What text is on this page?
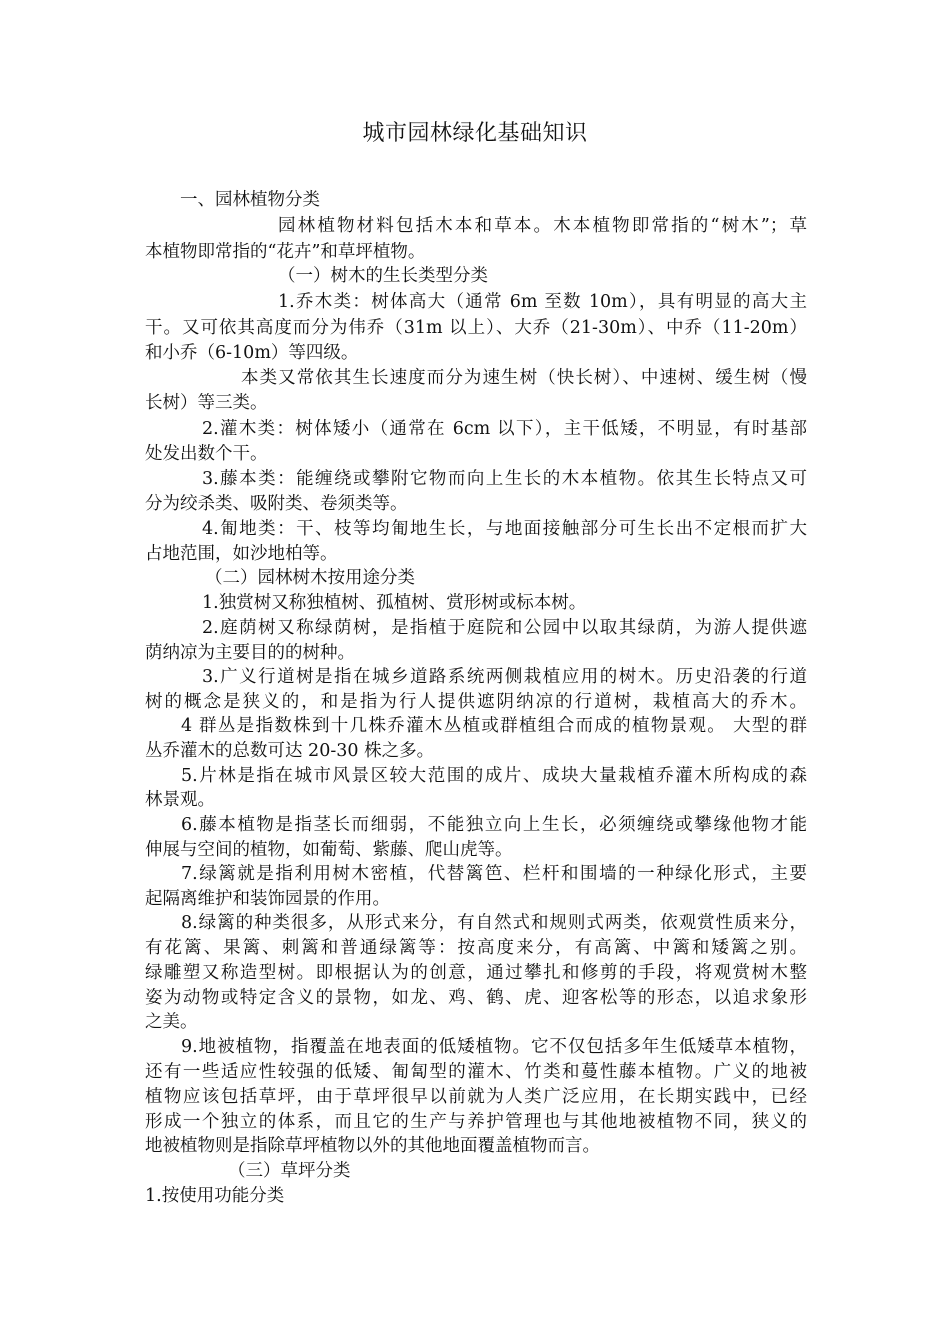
城市园林绿化基础知识
一、园林植物分类
园林植物材料包括木本和草本。木本植物即常指的“树木”；草
本植物即常指的“花卉”和草坪植物。
（一）树木的生长类型分类
1.乔木类：树体高大（通常 6m 至数 10m），具有明显的高大主
干。又可依其高度而分为伟乔（31m 以上）、大乔（21-30m）、中乔（11-20m）
和小乔（6-10m）等四级。
本类又常依其生长速度而分为速生树（快长树）、中速树、缓生树（慢
长树）等三类。
2.灌木类：树体矮小（通常在 6cm 以下），主干低矮，不明显，有时基部
处发出数个干。
3.藤本类：能缠绕或攀附它物而向上生长的木本植物。依其生长特点又可
分为绞杀类、吸附类、卷须类等。
4.匍地类：干、枝等均匍地生长，与地面接触部分可生长出不定根而扩大
占地范围，如沙地柏等。
（二）园林树木按用途分类
1.独赏树又称独植树、孤植树、赏形树或标本树。
2.庭荫树又称绿荫树，是指植于庭院和公园中以取其绿荫，为游人提供遮
荫纳凉为主要目的的树种。
3.广义行道树是指在城乡道路系统两侧栽植应用的树木。历史沿袭的行道
树的概念是狭义的，和是指为行人提供遮阴纳凉的行道树，栽植高大的乔木。
4 群丛是指数株到十几株乔灌木丛植或群植组合而成的植物景观。 大型的群
丛乔灌木的总数可达 20-30 株之多。
5.片林是指在城市风景区较大范围的成片、成块大量栽植乔灌木所构成的森
林景观。
6.藤本植物是指茎长而细弱，不能独立向上生长，必须缠绕或攀缘他物才能
伸展与空间的植物，如葡萄、紫藤、爬山虎等。
7.绿篱就是指利用树木密植，代替篱笆、栏杆和围墙的一种绿化形式，主要
起隔离维护和装饰园景的作用。
8.绿篱的种类很多，从形式来分，有自然式和规则式两类，依观赏性质来分，
有花篱、果篱、刺篱和普通绿篱等：按高度来分，有高篱、中篱和矮篱之别。
绿雕塑又称造型树。即根据认为的创意，通过攀扎和修剪的手段，将观赏树木整
姿为动物或特定含义的景物，如龙、鸡、鹤、虎、迎客松等的形态，以追求象形
之美。
9.地被植物，指覆盖在地表面的低矮植物。它不仅包括多年生低矮草本植物，
还有一些适应性较强的低矮、匍匐型的灌木、竹类和蔓性藤本植物。广义的地被
植物应该包括草坪，由于草坪很早以前就为人类广泛应用，在长期实践中，已经
形成一个独立的体系，而且它的生产与养护管理也与其他地被植物不同，狭义的
地被植物则是指除草坪植物以外的其他地面覆盖植物而言。
（三）草坪分类
1.按使用功能分类
